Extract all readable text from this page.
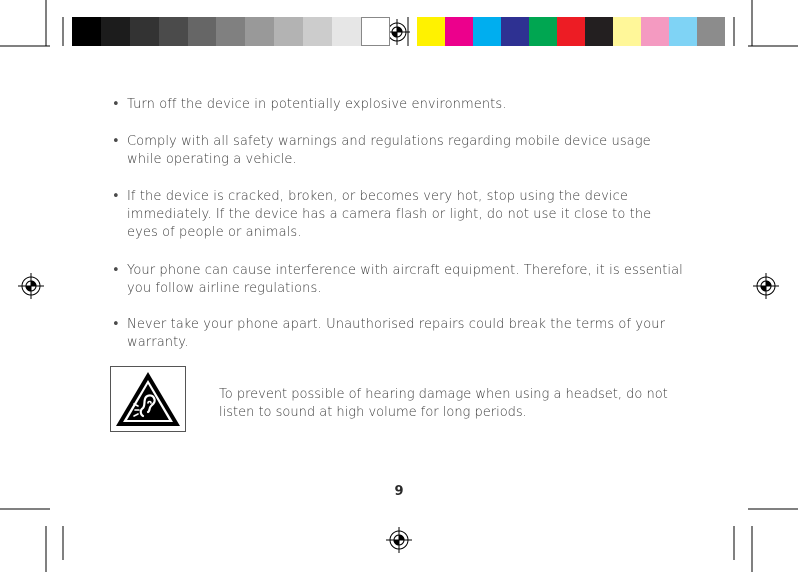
• Turn off the device in potentially explosive environments.
• Comply with all safety warnings and regulations regarding mobile device usage while operating a vehicle.
• If the device is cracked, broken, or becomes very hot, stop using the device immediately. If the device has a camera flash or light, do not use it close to the eyes of people or animals.
• Your phone can cause interference with aircraft equipment. Therefore, it is essential you follow airline regulations.
• Never take your phone apart. Unauthorised repairs could break the terms of your warranty.
To prevent possible of hearing damage when using a headset, do not listen to sound at high volume for long periods.
9
